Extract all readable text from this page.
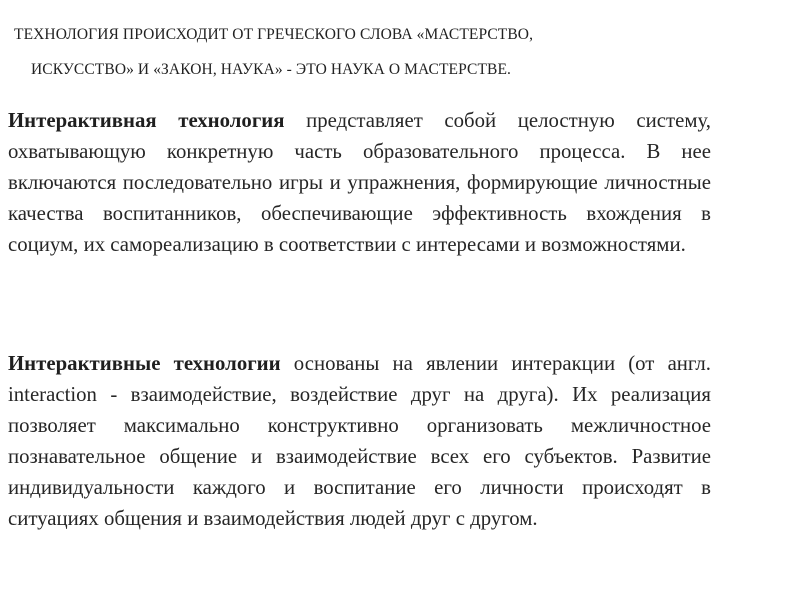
ТЕХНОЛОГИЯ ПРОИСХОДИТ ОТ ГРЕЧЕСКОГО СЛОВА «МАСТЕРСТВО,
ИСКУССТВО» И «ЗАКОН, НАУКА» - ЭТО НАУКА О МАСТЕРСТВЕ.
Интерактивная технология представляет собой целостную систему, охватывающую конкретную часть образовательного процесса. В нее включаются последовательно игры и упражнения, формирующие личностные качества воспитанников, обеспечивающие эффективность вхождения в социум, их самореализацию в соответствии с интересами и возможностями.
Интерактивные технологии основаны на явлении интеракции (от англ. interaction - взаимодействие, воздействие друг на друга). Их реализация позволяет максимально конструктивно организовать межличностное познавательное общение и взаимодействие всех его субъектов. Развитие индивидуальности каждого и воспитание его личности происходят в ситуациях общения и взаимодействия людей друг с другом.
